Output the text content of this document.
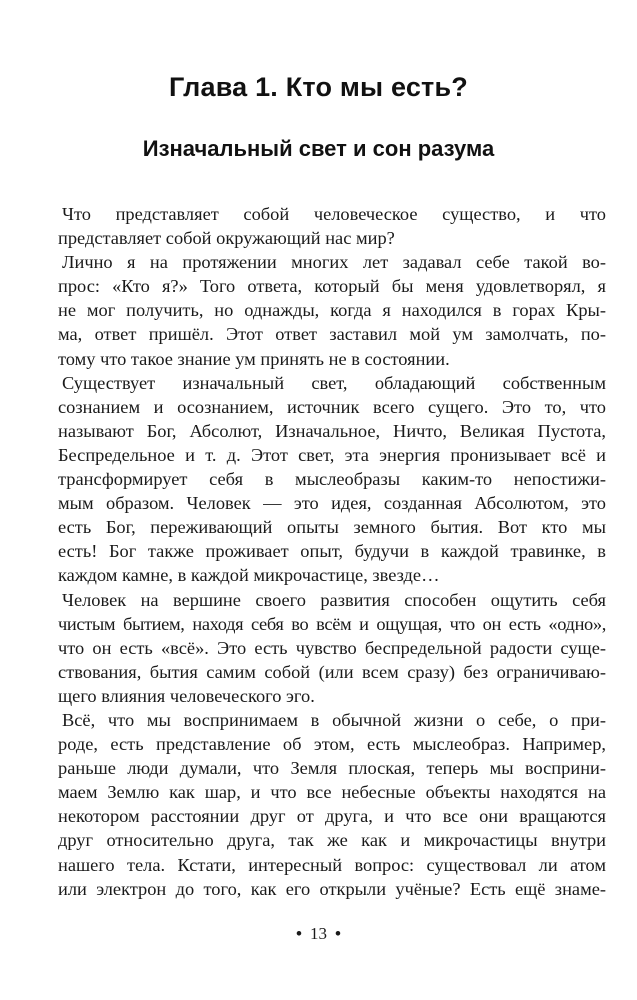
Глава 1. Кто мы есть?
Изначальный свет и сон разума
Что представляет собой человеческое существо, и что
представляет собой окружающий нас мир?
Лично я на протяжении многих лет задавал себе такой во-
прос: «Кто я?» Того ответа, который бы меня удовлетворял, я
не мог получить, но однажды, когда я находился в горах Кры-
ма, ответ пришёл. Этот ответ заставил мой ум замолчать, по-
тому что такое знание ум принять не в состоянии.
Существует изначальный свет, обладающий собственным
сознанием и осознанием, источник всего сущего. Это то, что
называют Бог, Абсолют, Изначальное, Ничто, Великая Пустота,
Беспредельное и т. д. Этот свет, эта энергия пронизывает всё и
трансформирует себя в мыслеобразы каким-то непостижи-
мым образом. Человек — это идея, созданная Абсолютом, это
есть Бог, переживающий опыты земного бытия. Вот кто мы
есть! Бог также проживает опыт, будучи в каждой травинке, в
каждом камне, в каждой микрочастице, звезде…
Человек на вершине своего развития способен ощутить себя
чистым бытием, находя себя во всём и ощущая, что он есть «одно»,
что он есть «всё». Это есть чувство беспредельной радости суще-
ствования, бытия самим собой (или всем сразу) без ограничиваю-
щего влияния человеческого эго.
Всё, что мы воспринимаем в обычной жизни о себе, о при-
роде, есть представление об этом, есть мыслеобраз. Например,
раньше люди думали, что Земля плоская, теперь мы восприни-
маем Землю как шар, и что все небесные объекты находятся на
некотором расстоянии друг от друга, и что все они вращаются
друг относительно друга, так же как и микрочастицы внутри
нашего тела. Кстати, интересный вопрос: существовал ли атом
или электрон до того, как его открыли учёные? Есть ещё знаме-
• 13 •
